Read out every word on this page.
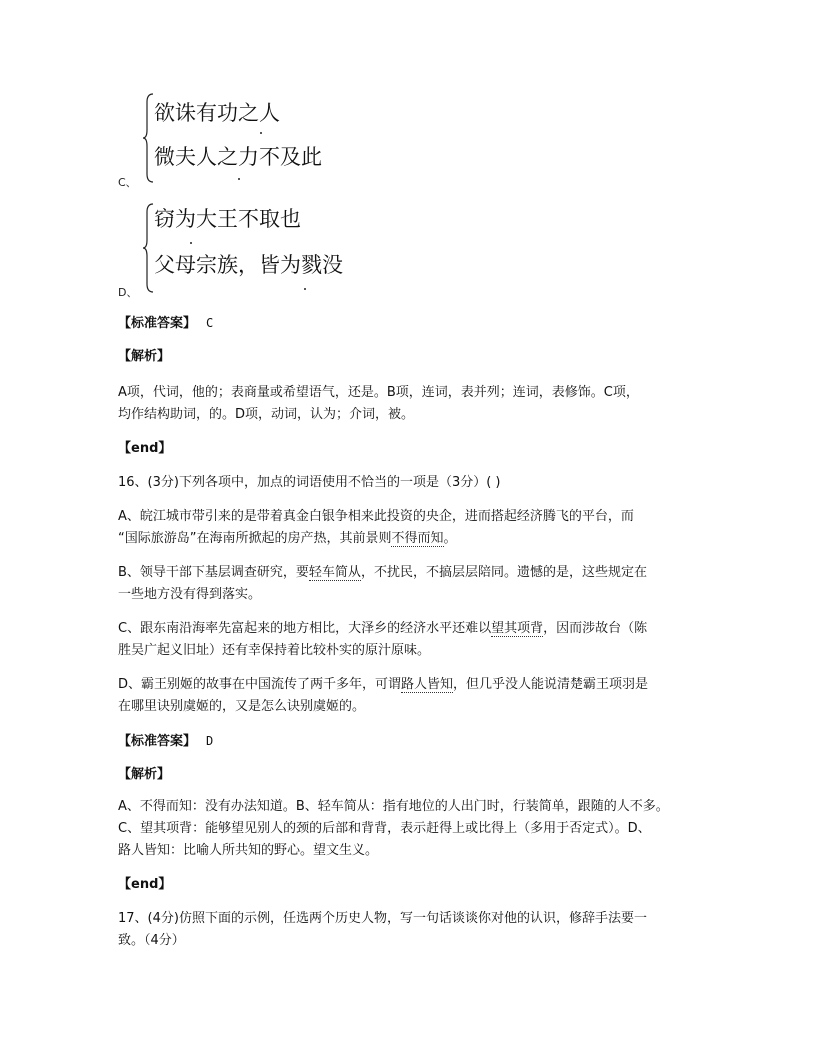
欲诛有功之人
微夫人之力不及此
C、
窃为大王不取也
父母宗族，皆为戮没
D、
【标准答案】 C
【解析】
A项，代词，他的；表商量或希望语气，还是。B项，连词，表并列；连词，表修饰。C项，
均作结构助词，的。D项，动词，认为；介词，被。
【end】
16、(3分)下列各项中，加点的词语使用不恰当的一项是（3分）( )
A、皖江城市带引来的是带着真金白银争相来此投资的央企，进而搭起经济腾飞的平台，而
“国际旅游岛”在海南所掀起的房产热，其前景则不得而知。
B、领导干部下基层调查研究，要轻车简从，不扰民，不搞层层陪同。遗憾的是，这些规定在
一些地方没有得到落实。
C、跟东南沿海率先富起来的地方相比，大泽乡的经济水平还难以望其项背，因而涉故台（陈
胜吴广起义旧址）还有幸保持着比较朴实的原汁原味。
D、霸王别姬的故事在中国流传了两千多年，可谓路人皆知，但几乎没人能说清楚霸王项羽是
在哪里诀别虞姬的，又是怎么诀别虞姬的。
【标准答案】 D
【解析】
A、不得而知：没有办法知道。B、轻车简从：指有地位的人出门时，行装简单，跟随的人不多。
C、望其项背：能够望见别人的颈的后部和背背，表示赶得上或比得上（多用于否定式）。D、
路人皆知：比喻人所共知的野心。望文生义。
【end】
17、(4分)仿照下面的示例，任选两个历史人物，写一句话谈谈你对他的认识，修辞手法要一
致。（4分）
